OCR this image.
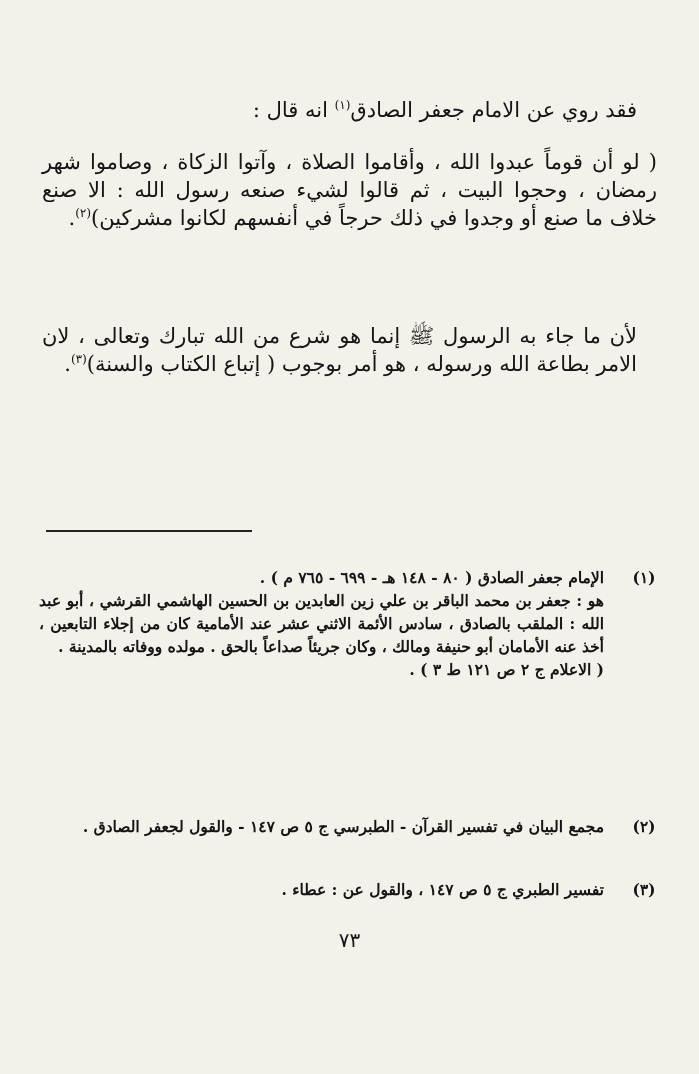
فقد روي عن الامام جعفر الصادق$^{(١)}$ انه قال :
( لو أن قوماً عبدوا الله ، وأقاموا الصلاة ، وآتوا الزكاة ، وصاموا شهر رمضان ، وحجوا البيت ، ثم قالوا لشيء صنعه رسول الله : الا صنع خلاف ما صنع أو وجدوا في ذلك حرجاً في أنفسهم لكانوا مشركين)$^{(٢)}$.
لأن ما جاء به الرسول ﷺ إنما هو شرع من الله تبارك وتعالى ، لان الامر بطاعة الله ورسوله ، هو أمر بوجوب ( إتباع الكتاب والسنة)$^{(٣)}$.
(١)
الإمام جعفر الصادق ( ٨٠ - ١٤٨ هـ - ٦٩٩ - ٧٦٥ م ) .
هو : جعفر بن محمد الباقر بن علي زين العابدين بن الحسين الهاشمي القرشي ، أبو عبد الله : الملقب بالصادق ، سادس الأئمة الاثني عشر عند الأمامية كان من إجلاء التابعين ، أخذ عنه الأمامان أبو حنيفة ومالك ، وكان جريئاً صداعاً بالحق . مولده ووفاته بالمدينة .
( الاعلام ج ٢ ص ١٢١ ط ٣ ) .
(٢)
مجمع البيان في تفسير القرآن - الطبرسي ج ٥ ص ١٤٧ - والقول لجعفر الصادق .
(٣)
تفسير الطبري ج ٥ ص ١٤٧ ، والقول عن : عطاء .
٧٣
